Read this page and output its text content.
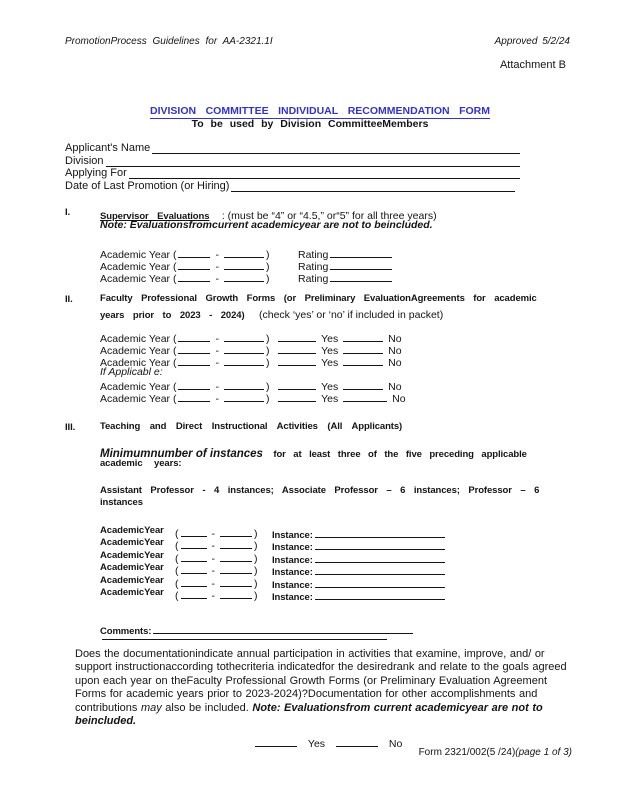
PromotionProcess Guidelines for AA-2321.1I	Approved 5/2/24
Attachment B
DIVISION COMMITTEE INDIVIDUAL RECOMMENDATION FORM
To be used by Division CommitteeMembers
Applicant's Name
Division
Applying For
Date of Last Promotion (or Hiring)
I.	Supervisor Evaluations : (must be “4” or “4.5,” or“5” for all three years)
Note: Evaluationsfromcurrent academicyear are not to beincluded.
Academic Year (	-	)	Rating
Academic Year (	-	)	Rating
Academic Year (	-	)	Rating
II.	Faculty Professional Growth Forms (or Preliminary EvaluationAgreements for academic
years prior to 2023 - 2024) (check ‘yes’ or ‘no’ if included in packet)
Academic Year (	-	)	Yes	No
Academic Year (	-	)	Yes	No
Academic Year (	-	)	Yes	No
If Applicabl e:
Academic Year (	-	)	Yes	No
Academic Year (	-	)	Yes	No
III.	Teaching and Direct Instructional Activities (All Applicants)
Minimumnumber of instances for at least three of the five preceding applicable
academic years:
Assistant Professor - 4 instances; Associate Professor – 6 instances; Professor – 6
instances
AcademicYear (	-	) Instance:
AcademicYear (	-	) Instance:
AcademicYear (	-	) Instance:
AcademicYear (	-	) Instance:
AcademicYear (	-	) Instance:
AcademicYear (	-	) Instance:
Comments:
Does the documentationindicate annual participation in activities that examine, improve, and/ or support instructionaccording tothecriteria indicatedfor the desiredrank and relate to the goals agreed upon each year on theFaculty Professional Growth Forms (or Preliminary Evaluation Agreement Forms for academic years prior to 2023-2024)?Documentation for other accomplishments and contributions may also be included. Note: Evaluationsfrom current academicyear are not to beincluded.
Yes	No
Form 2321/002(5 /24)(page 1 of 3)
